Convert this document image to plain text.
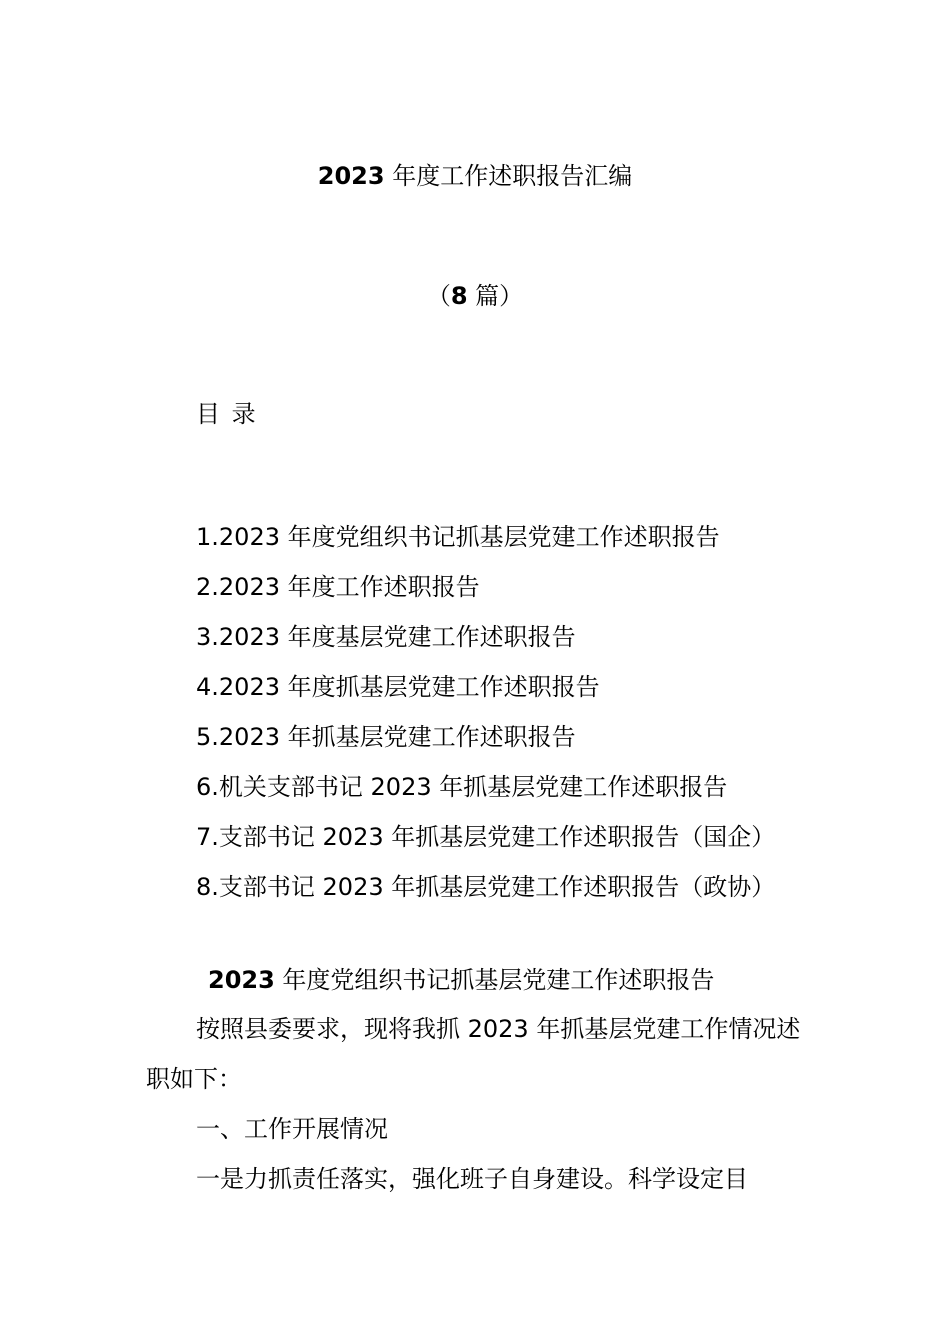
2023 年度工作述职报告汇编
（8 篇）
目 录
1.2023 年度党组织书记抓基层党建工作述职报告
2.2023 年度工作述职报告
3.2023 年度基层党建工作述职报告
4.2023 年度抓基层党建工作述职报告
5.2023 年抓基层党建工作述职报告
6.机关支部书记 2023 年抓基层党建工作述职报告
7.支部书记 2023 年抓基层党建工作述职报告（国企）
8.支部书记 2023 年抓基层党建工作述职报告（政协）
2023 年度党组织书记抓基层党建工作述职报告

按照县委要求，现将我抓 2023 年抓基层党建工作情况述职如下：

一、工作开展情况

一是力抓责任落实，强化班子自身建设。科学设定目
